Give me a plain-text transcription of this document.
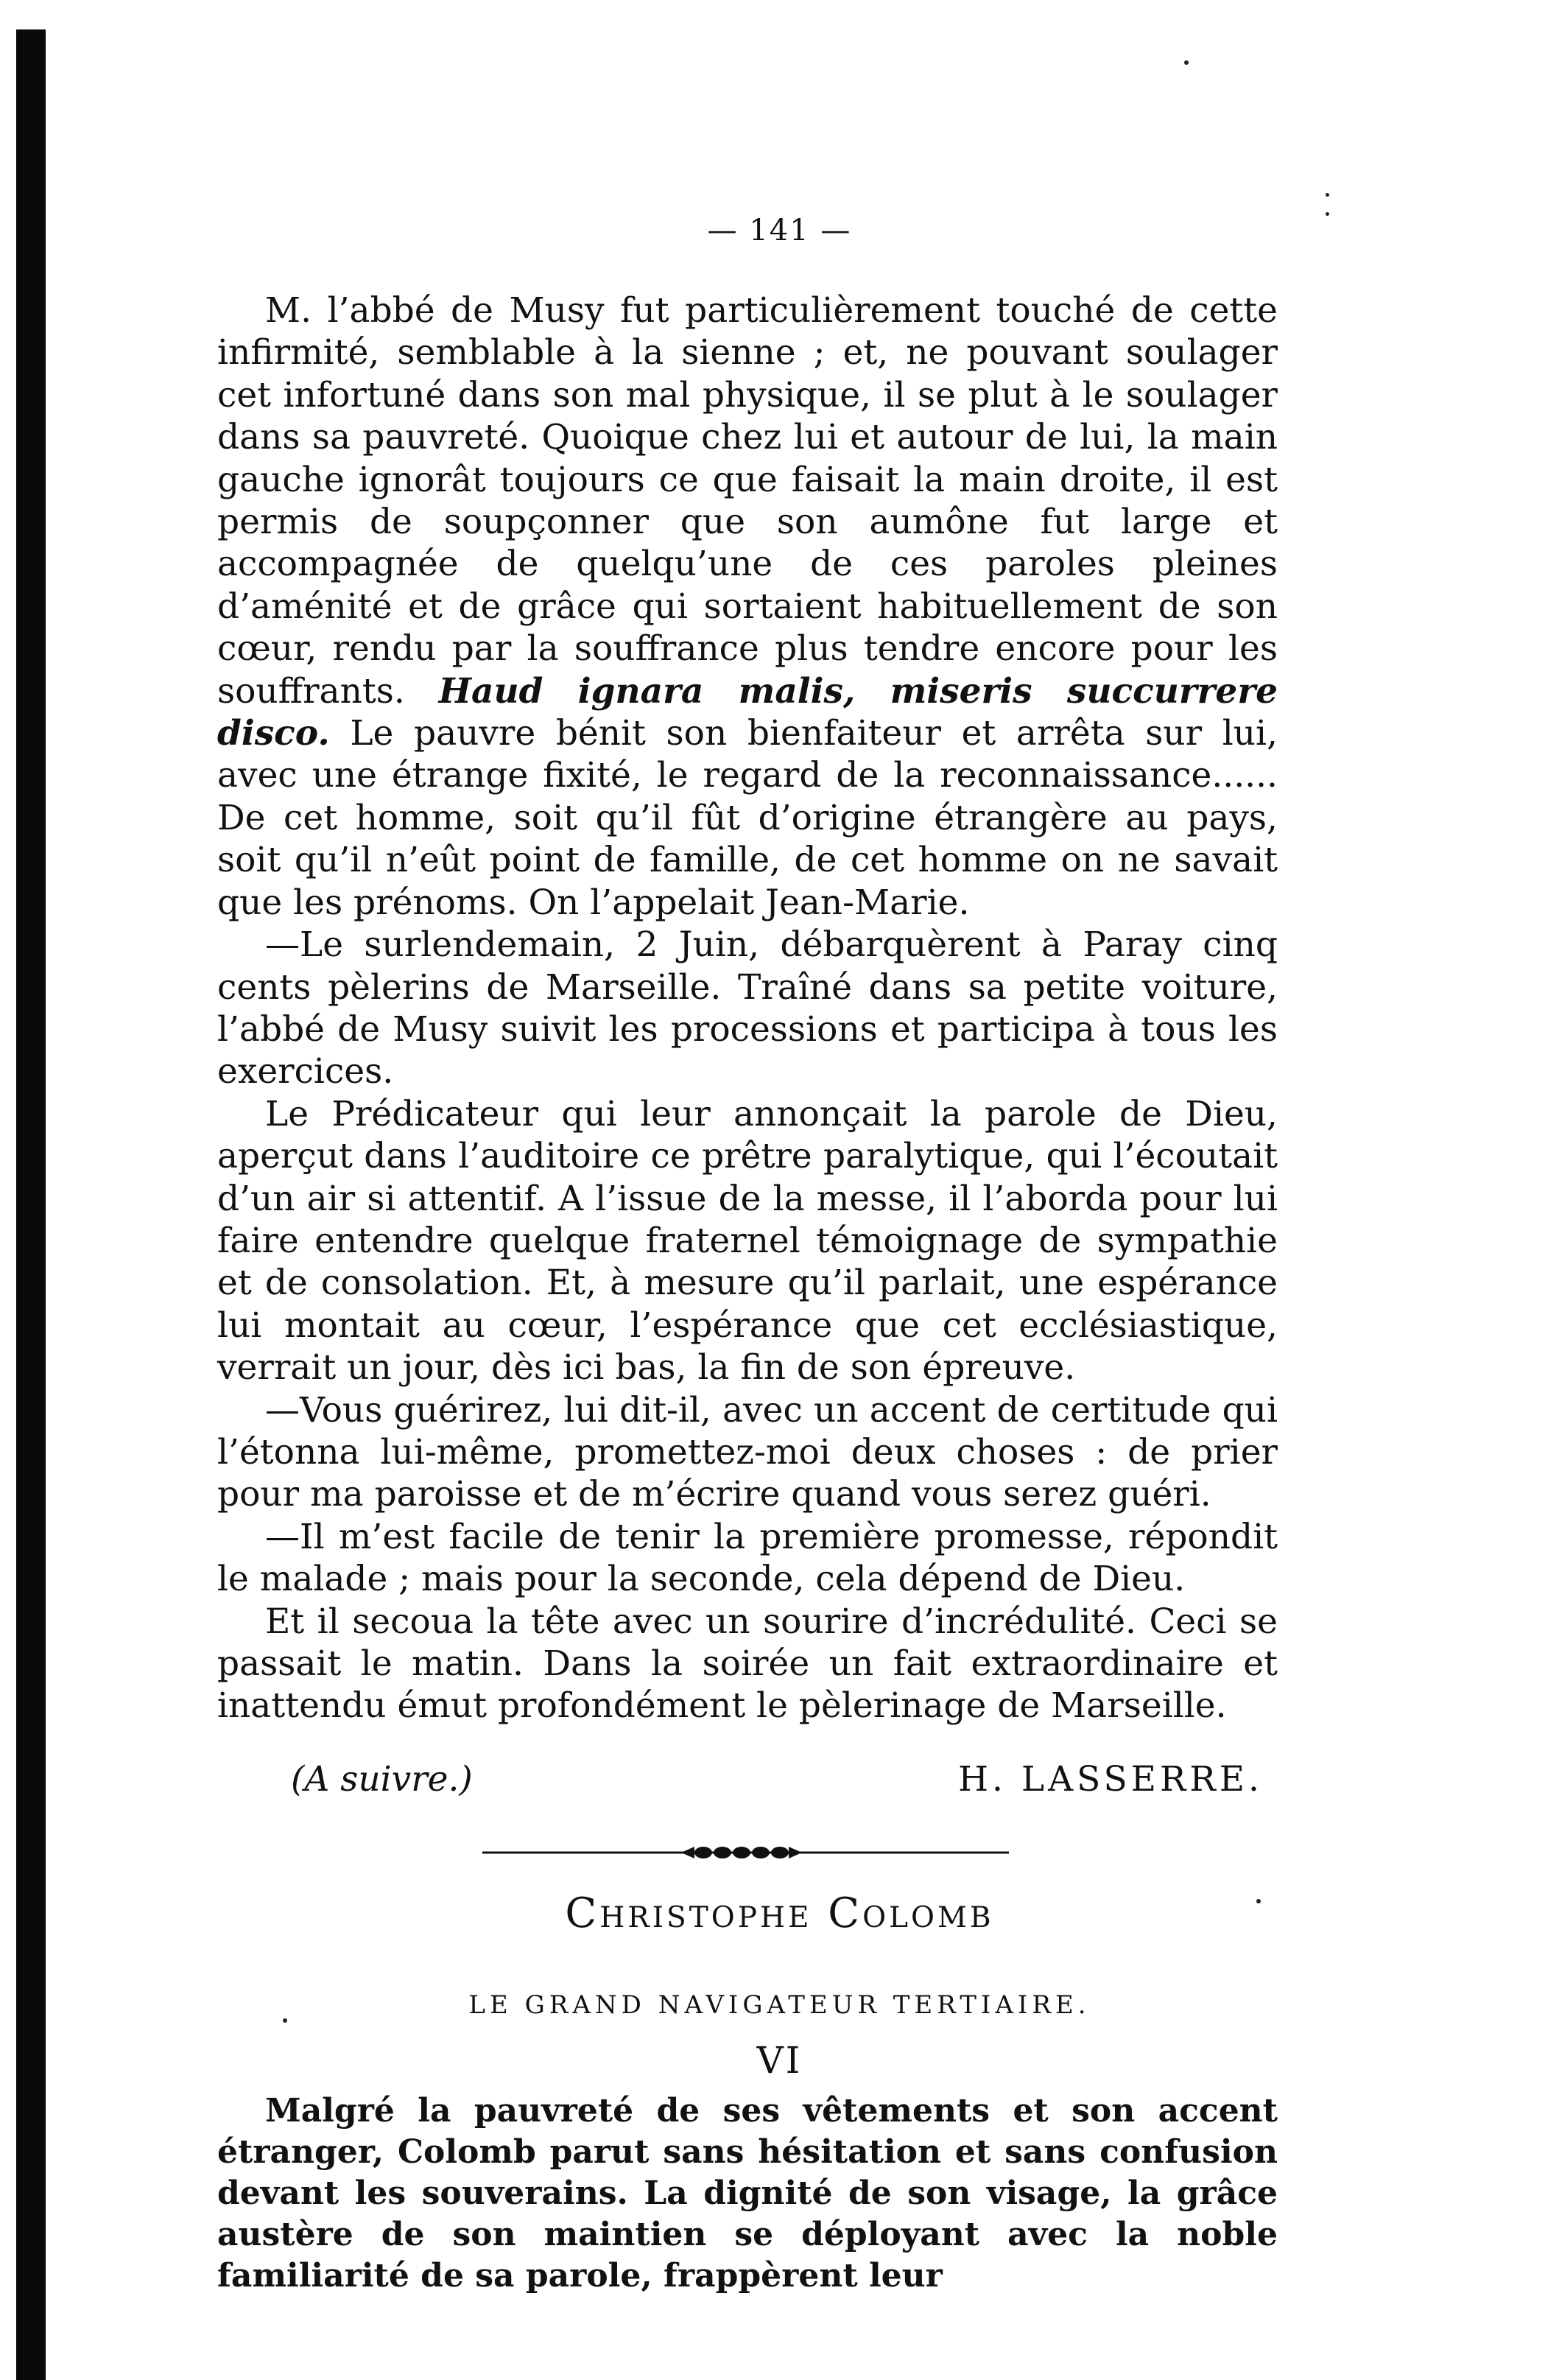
— 141 —

M. l’abbé de Musy fut particulièrement touché de cette infirmité, semblable à la sienne ; et, ne pouvant soulager cet infortuné dans son mal physique, il se plut à le soulager dans sa pauvreté. Quoique chez lui et autour de lui, la main gauche ignorât toujours ce que faisait la main droite, il est permis de soupçonner que son aumône fut large et accompagnée de quelqu’une de ces paroles pleines d’aménité et de grâce qui sortaient habituellement de son cœur, rendu par la souffrance plus tendre encore pour les souffrants. Haud ignara malis, miseris succurrere disco. Le pauvre bénit son bienfaiteur et arrêta sur lui, avec une étrange fixité, le regard de la reconnaissance...... De cet homme, soit qu’il fût d’origine étrangère au pays, soit qu’il n’eût point de famille, de cet homme on ne savait que les prénoms. On l’appelait Jean-Marie.

—Le surlendemain, 2 Juin, débarquèrent à Paray cinq cents pèlerins de Marseille. Traîné dans sa petite voiture, l’abbé de Musy suivit les processions et participa à tous les exercices.

Le Prédicateur qui leur annonçait la parole de Dieu, aperçut dans l’auditoire ce prêtre paralytique, qui l’écoutait d’un air si attentif. A l’issue de la messe, il l’aborda pour lui faire entendre quelque fraternel témoignage de sympathie et de consolation. Et, à mesure qu’il parlait, une espérance lui montait au cœur, l’espérance que cet ecclésiastique, verrait un jour, dès ici bas, la fin de son épreuve.

—Vous guérirez, lui dit-il, avec un accent de certitude qui l’étonna lui-même, promettez-moi deux choses : de prier pour ma paroisse et de m’écrire quand vous serez guéri.

—Il m’est facile de tenir la première promesse, répondit le malade ; mais pour la seconde, cela dépend de Dieu.

Et il secoua la tête avec un sourire d’incrédulité. Ceci se passait le matin. Dans la soirée un fait extraordinaire et inattendu émut profondément le pèlerinage de Marseille.

(A suivre.)	H. LASSERRE.
Christophe Colomb
LE GRAND NAVIGATEUR TERTIAIRE.
VI

Malgré la pauvreté de ses vêtements et son accent étranger, Colomb parut sans hésitation et sans confusion devant les souverains. La dignité de son visage, la grâce austère de son maintien se déployant avec la noble familiarité de sa parole, frappèrent leur
